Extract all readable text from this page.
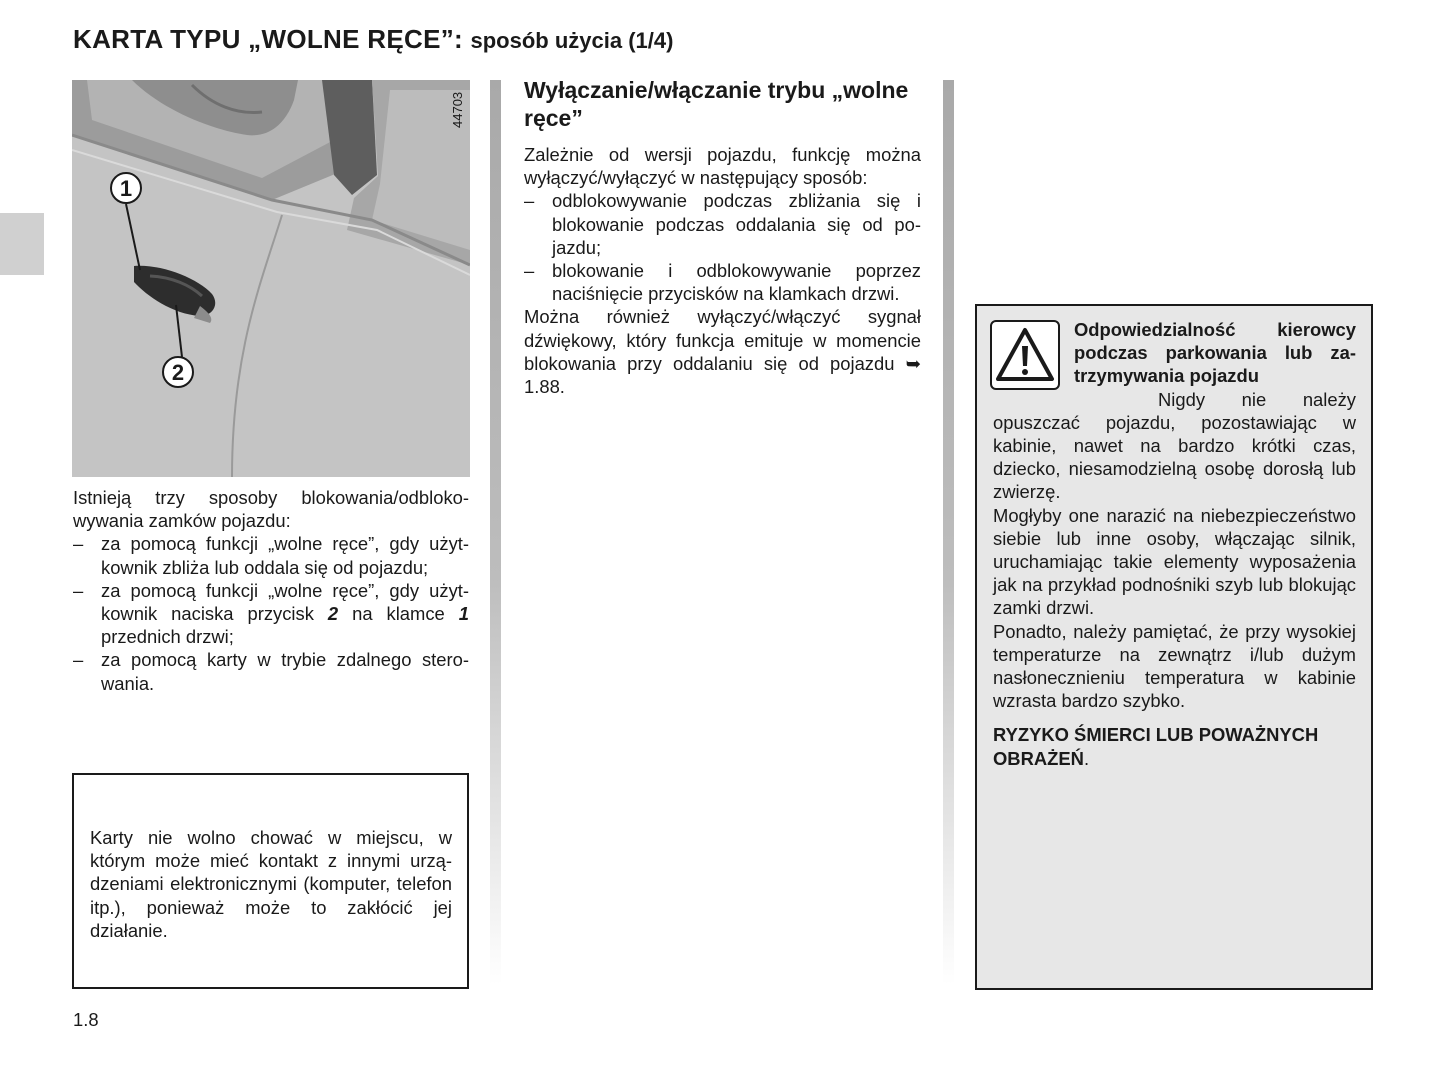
KARTA TYPU „WOLNE RĘCE”: sposób użycia (1/4)
1
2
44703

Istnieją trzy sposoby blokowania/odblokowywania zamków pojazdu:

– za pomocą funkcji „wolne ręce”, gdy użytkownik zbliża lub oddala się od pojazdu;
– za pomocą funkcji „wolne ręce”, gdy użytkownik naciska przycisk 2 na klamce 1 przednich drzwi;
– za pomocą karty w trybie zdalnego sterowania.
Karty nie wolno chować w miejscu, w którym może mieć kontakt z innymi urządzeniami elektronicznymi (komputer, telefon itp.), ponieważ może to zakłócić jej działanie.
Wyłączanie/włączanie trybu „wolne ręce”

Zależnie od wersji pojazdu, funkcję można wyłączyć/wyłączyć w następujący sposób:

– odblokowywanie podczas zbliżania się i blokowanie podczas oddalania się od pojazdu;
– blokowanie i odblokowywanie poprzez naciśnięcie przycisków na klamkach drzwi.

Można również wyłączyć/włączyć sygnał dźwiękowy, który funkcja emituje w momencie blokowania przy oddalaniu się od pojazdu ➥ 1.88.

Odpowiedzialność kierowcy podczas parkowania lub zatrzymywania pojazdu

Nigdy nie należy opuszczać pojazdu, pozostawiając w kabinie, nawet na bardzo krótki czas, dziecko, niesamodzielną osobę dorosłą lub zwierzę.

Mogłyby one narazić na niebezpieczeństwo siebie lub inne osoby, włączając silnik, uruchamiając takie elementy wyposażenia jak na przykład podnośniki szyb lub blokując zamki drzwi.

Ponadto, należy pamiętać, że przy wysokiej temperaturze na zewnątrz i/lub dużym nasłonecznieniu temperatura w kabinie wzrasta bardzo szybko.

RYZYKO ŚMIERCI LUB POWAŻNYCH OBRAŻEŃ.

1.8
